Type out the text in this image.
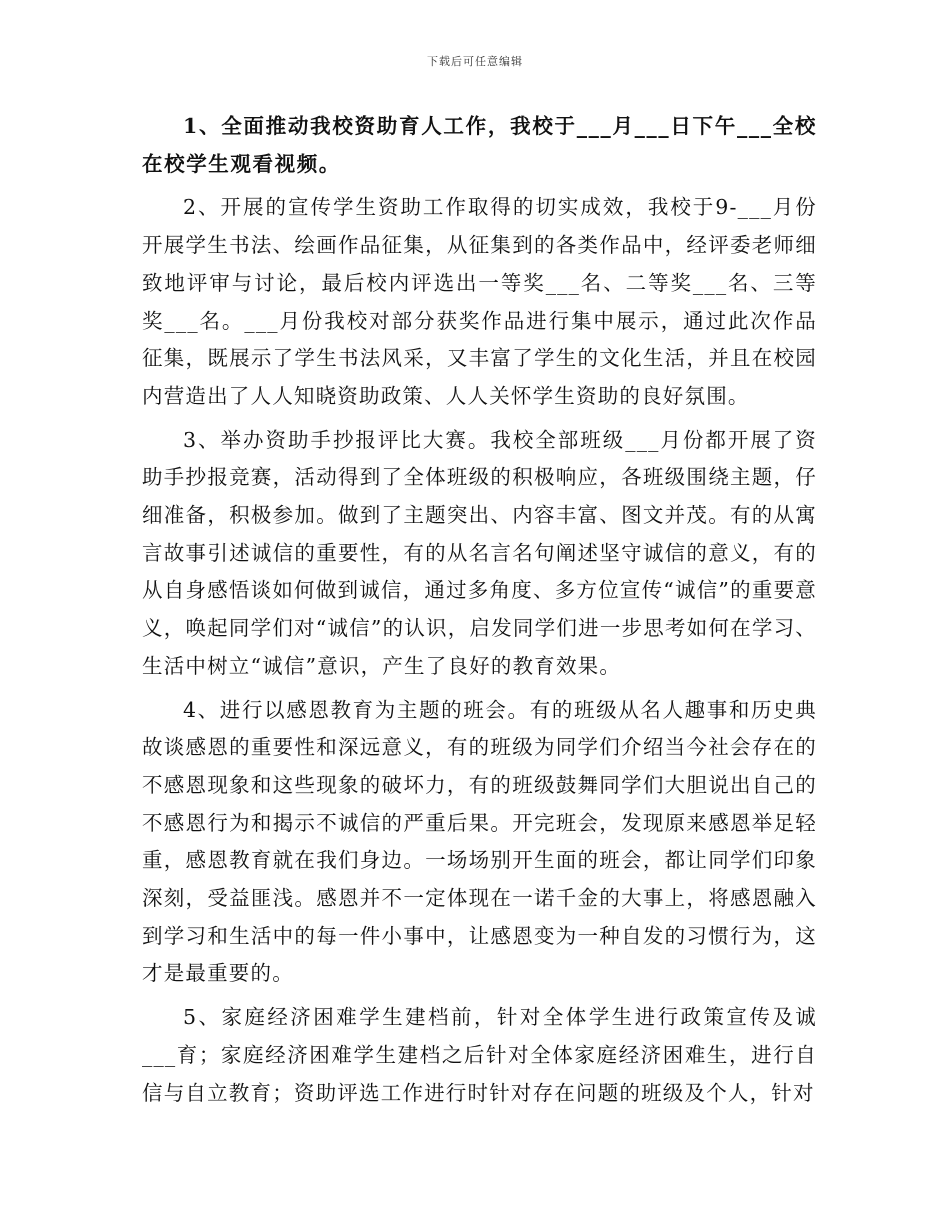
下载后可任意编辑

1、全面推动我校资助育人工作，我校于___月___日下午___全校在校学生观看视频。

2、开展的宣传学生资助工作取得的切实成效，我校于9-___月份开展学生书法、绘画作品征集，从征集到的各类作品中，经评委老师细致地评审与讨论，最后校内评选出一等奖___名、二等奖___名、三等奖___名。___月份我校对部分获奖作品进行集中展示，通过此次作品征集，既展示了学生书法风采，又丰富了学生的文化生活，并且在校园内营造出了人人知晓资助政策、人人关怀学生资助的良好氛围。

3、举办资助手抄报评比大赛。我校全部班级___月份都开展了资助手抄报竞赛，活动得到了全体班级的积极响应，各班级围绕主题，仔细准备，积极参加。做到了主题突出、内容丰富、图文并茂。有的从寓言故事引述诚信的重要性，有的从名言名句阐述坚守诚信的意义，有的从自身感悟谈如何做到诚信，通过多角度、多方位宣传“诚信”的重要意义，唤起同学们对“诚信”的认识，启发同学们进一步思考如何在学习、生活中树立“诚信”意识，产生了良好的教育效果。

4、进行以感恩教育为主题的班会。有的班级从名人趣事和历史典故谈感恩的重要性和深远意义，有的班级为同学们介绍当今社会存在的不感恩现象和这些现象的破坏力，有的班级鼓舞同学们大胆说出自己的不感恩行为和揭示不诚信的严重后果。开完班会，发现原来感恩举足轻重，感恩教育就在我们身边。一场场别开生面的班会，都让同学们印象深刻，受益匪浅。感恩并不一定体现在一诺千金的大事上，将感恩融入到学习和生活中的每一件小事中，让感恩变为一种自发的习惯行为，这才是最重要的。

5、家庭经济困难学生建档前，针对全体学生进行政策宣传及诚___育；家庭经济困难学生建档之后针对全体家庭经济困难生，进行自信与自立教育；资助评选工作进行时针对存在问题的班级及个人，针对
